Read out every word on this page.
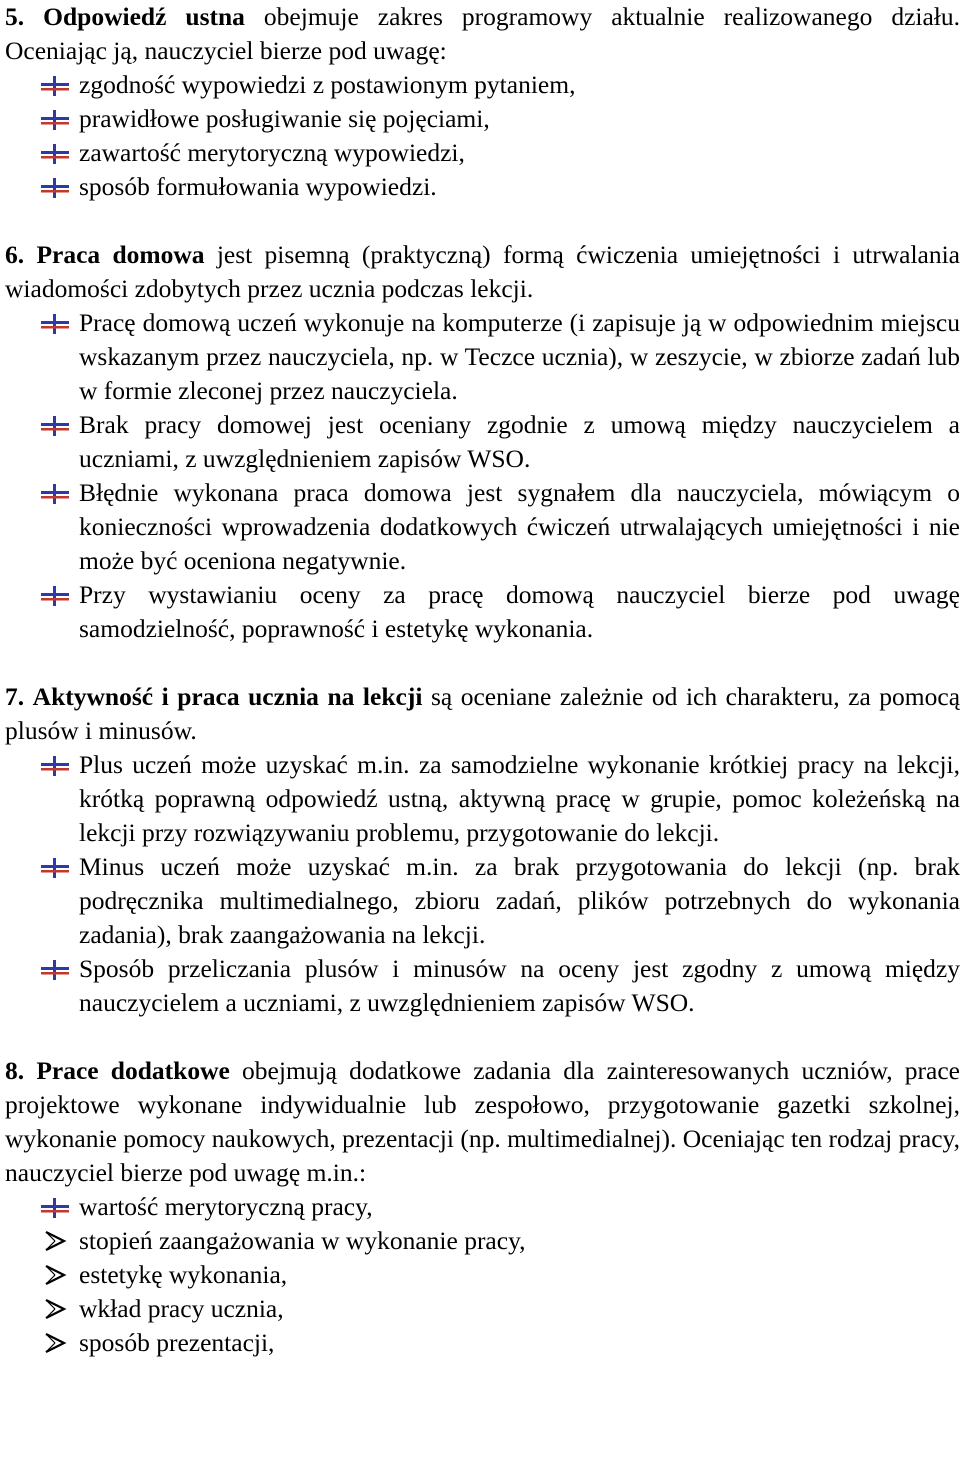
5. Odpowiedź ustna obejmuje zakres programowy aktualnie realizowanego działu. Oceniając ją, nauczyciel bierze pod uwagę:

zgodność wypowiedzi z postawionym pytaniem,
prawidłowe posługiwanie się pojęciami,
zawartość merytoryczną wypowiedzi,
sposób formułowania wypowiedzi.

6. Praca domowa jest pisemną (praktyczną) formą ćwiczenia umiejętności i utrwalania wiadomości zdobytych przez ucznia podczas lekcji.

Pracę domową uczeń wykonuje na komputerze (i zapisuje ją w odpowiednim miejscu wskazanym przez nauczyciela, np. w Teczce ucznia), w zeszycie, w zbiorze zadań lub w formie zleconej przez nauczyciela.
Brak pracy domowej jest oceniany zgodnie z umową między nauczycielem a uczniami, z uwzględnieniem zapisów WSO.
Błędnie wykonana praca domowa jest sygnałem dla nauczyciela, mówiącym o konieczności wprowadzenia dodatkowych ćwiczeń utrwalających umiejętności i nie może być oceniona negatywnie.
Przy wystawianiu oceny za pracę domową nauczyciel bierze pod uwagę samodzielność, poprawność i estetykę wykonania.

7. Aktywność i praca ucznia na lekcji są oceniane zależnie od ich charakteru, za pomocą plusów i minusów.

Plus uczeń może uzyskać m.in. za samodzielne wykonanie krótkiej pracy na lekcji, krótką poprawną odpowiedź ustną, aktywną pracę w grupie, pomoc koleżeńską na lekcji przy rozwiązywaniu problemu, przygotowanie do lekcji.
Minus uczeń może uzyskać m.in. za brak przygotowania do lekcji (np. brak podręcznika multimedialnego, zbioru zadań, plików potrzebnych do wykonania zadania), brak zaangażowania na lekcji.
Sposób przeliczania plusów i minusów na oceny jest zgodny z umową między nauczycielem a uczniami, z uwzględnieniem zapisów WSO.

8. Prace dodatkowe obejmują dodatkowe zadania dla zainteresowanych uczniów, prace projektowe wykonane indywidualnie lub zespołowo, przygotowanie gazetki szkolnej, wykonanie pomocy naukowych, prezentacji (np. multimedialnej). Oceniając ten rodzaj pracy, nauczyciel bierze pod uwagę m.in.:

wartość merytoryczną pracy,
stopień zaangażowania w wykonanie pracy,
estetykę wykonania,
wkład pracy ucznia,
sposób prezentacji,
